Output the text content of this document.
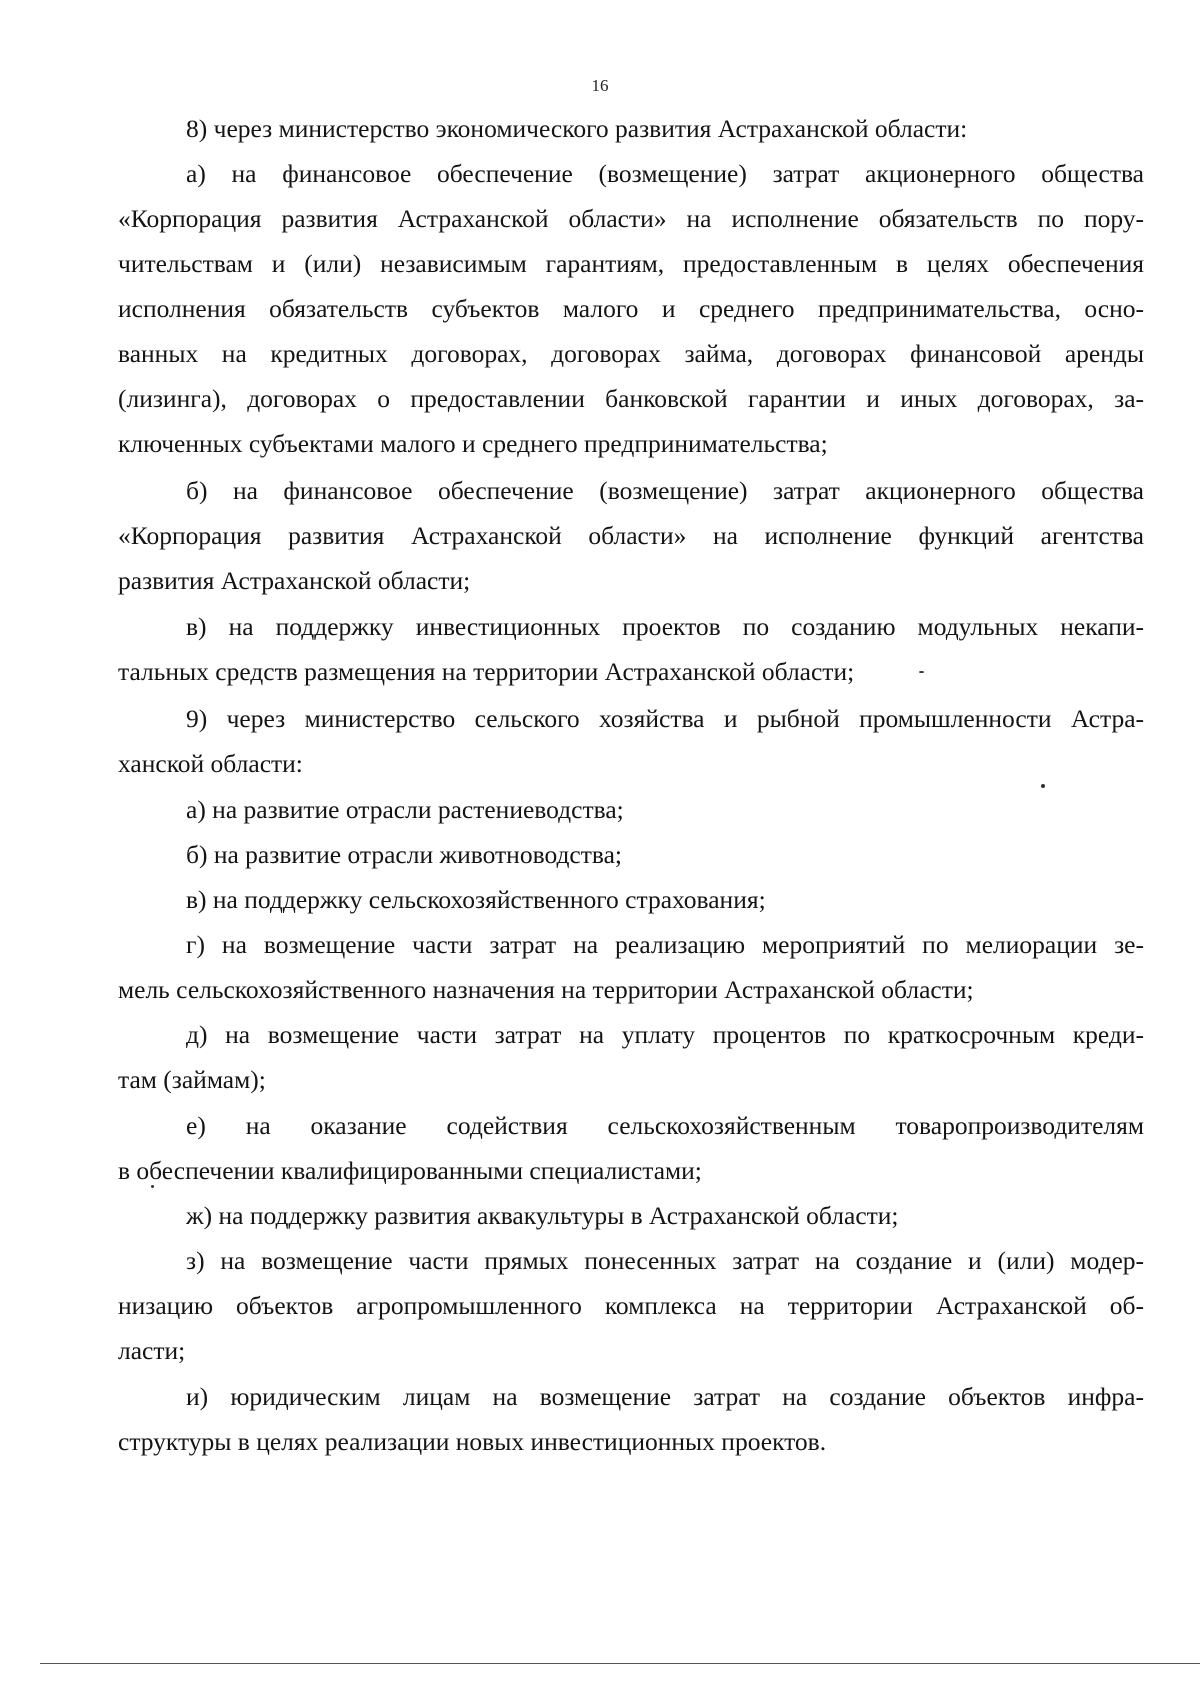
16
8) через министерство экономического развития Астраханской области:
а) на финансовое обеспечение (возмещение) затрат акционерного общества
«Корпорация развития Астраханской области» на исполнение обязательств по пору-
чительствам и (или) независимым гарантиям, предоставленным в целях обеспечения
исполнения обязательств субъектов малого и среднего предпринимательства, осно-
ванных на кредитных договорах, договорах займа, договорах финансовой аренды
(лизинга), договорах о предоставлении банковской гарантии и иных договорах, за-
ключенных субъектами малого и среднего предпринимательства;
б) на финансовое обеспечение (возмещение) затрат акционерного общества
«Корпорация развития Астраханской области» на исполнение функций агентства
развития Астраханской области;
в) на поддержку инвестиционных проектов по созданию модульных некапи-
тальных средств размещения на территории Астраханской области;
9) через министерство сельского хозяйства и рыбной промышленности Астра-
ханской области:
а) на развитие отрасли растениеводства;
б) на развитие отрасли животноводства;
в) на поддержку сельскохозяйственного страхования;
г) на возмещение части затрат на реализацию мероприятий по мелиорации зе-
мель сельскохозяйственного назначения на территории Астраханской области;
д) на возмещение части затрат на уплату процентов по краткосрочным креди-
там (займам);
е) на оказание содействия сельскохозяйственным товаропроизводителям
в обеспечении квалифицированными специалистами;
ж) на поддержку развития аквакультуры в Астраханской области;
з) на возмещение части прямых понесенных затрат на создание и (или) модер-
низацию объектов агропромышленного комплекса на территории Астраханской об-
ласти;
и) юридическим лицам на возмещение затрат на создание объектов инфра-
структуры в целях реализации новых инвестиционных проектов.
